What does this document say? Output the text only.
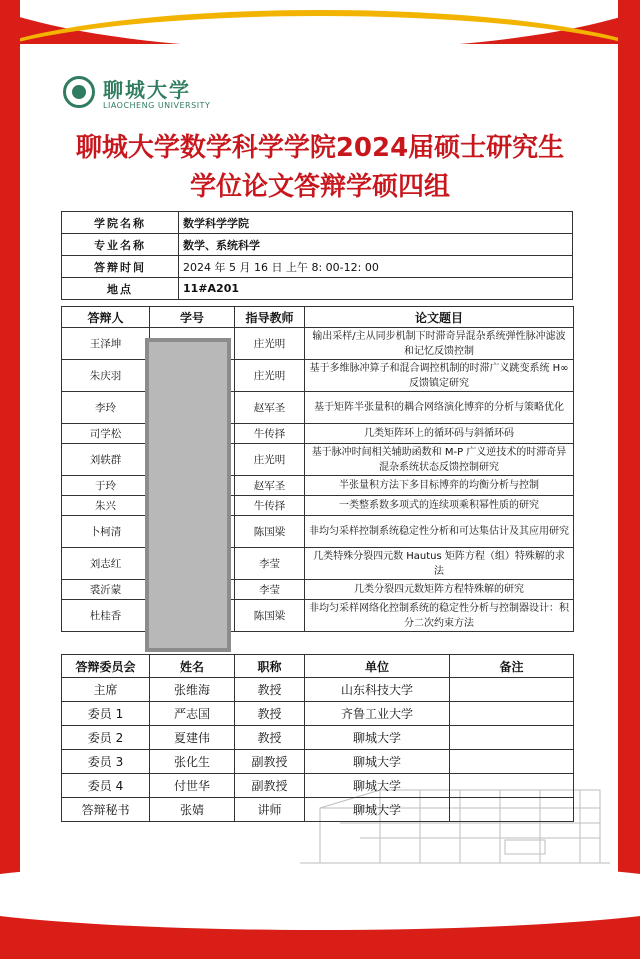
聊城大学
LIAOCHENG UNIVERSITY
聊城大学数学科学学院2024届硕士研究生
学位论文答辩学硕四组
学院名称	数学科学学院
专业名称	数学、系统科学
答辩时间	2024 年 5 月 16 日 上午 8: 00-12: 00
地点	11#A201
答辩人	学号	指导教师	论文题目
王泽坤		庄光明	输出采样/主从同步机制下时滞奇异混杂系统弹性脉冲滤波和记忆反馈控制
朱庆羽		庄光明	基于多维脉冲算子和混合调控机制的时滞广义跳变系统 H∞反馈镇定研究
李玲		赵军圣	基于矩阵半张量积的耦合网络演化博弈的分析与策略优化
司学松		牛传择	几类矩阵环上的循环码与斜循环码
刘轶群		庄光明	基于脉冲时间相关辅助函数和 M-P 广义逆技术的时滞奇异混杂系统状态反馈控制研究
于玲		赵军圣	半张量积方法下多目标博弈的均衡分析与控制
朱兴		牛传择	一类整系数多项式的连续项乘积幂性质的研究
卜柯清		陈国梁	非均匀采样控制系统稳定性分析和可达集估计及其应用研究
刘志红		李莹	几类特殊分裂四元数 Hautus 矩阵方程（组）特殊解的求法
裘沂蒙		李莹	几类分裂四元数矩阵方程特殊解的研究
杜桂香		陈国梁	非均匀采样网络化控制系统的稳定性分析与控制器设计：积分二次约束方法
答辩委员会	姓名	职称	单位	备注
主席	张维海	教授	山东科技大学	
委员 1	严志国	教授	齐鲁工业大学	
委员 2	夏建伟	教授	聊城大学	
委员 3	张化生	副教授	聊城大学	
委员 4	付世华	副教授	聊城大学	
答辩秘书	张婧	讲师	聊城大学	
